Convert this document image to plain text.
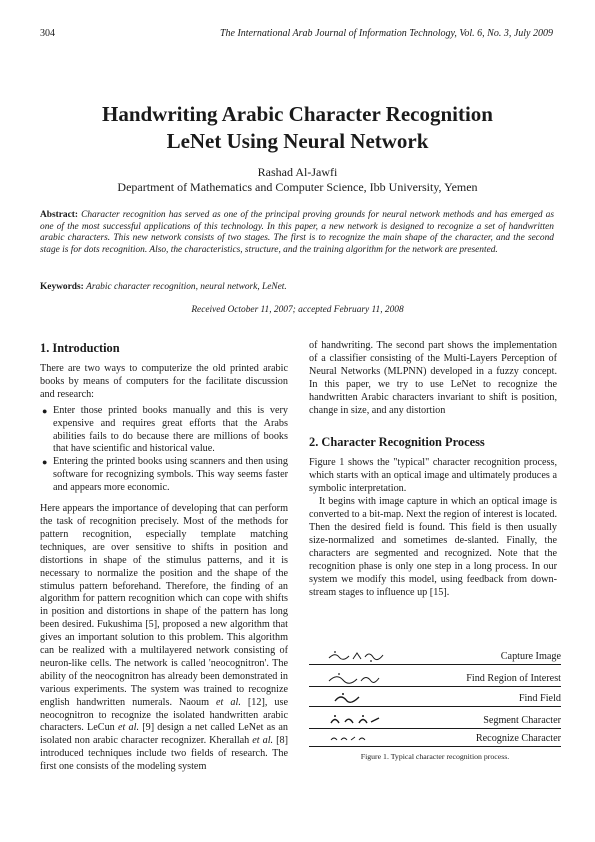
304	The International Arab Journal of Information Technology, Vol. 6, No. 3, July 2009
Handwriting Arabic Character Recognition
LeNet Using Neural Network
Rashad Al-Jawfi
Department of Mathematics and Computer Science, Ibb University, Yemen
Abstract: Character recognition has served as one of the principal proving grounds for neural network methods and has emerged as one of the most successful applications of this technology. In this paper, a new network is designed to recognize a set of handwritten arabic characters. This new network consists of two stages. The first is to recognize the main shape of the character, and the second stage is for dots recognition. Also, the characteristics, structure, and the training algorithm for the network are presented.
Keywords: Arabic character recognition, neural network, LeNet.
Received October 11, 2007; accepted February 11, 2008
1. Introduction

There are two ways to computerize the old printed arabic books by means of computers for the facilitate discussion and research:

● Enter those printed books manually and this is very expensive and requires great efforts that the Arabs abilities fails to do because there are millions of books that have scientific and historical value.
● Entering the printed books using scanners and then using software for recognizing symbols. This way seems faster and appears more economic.

Here appears the importance of developing that can perform the task of recognition precisely. Most of the methods for pattern recognition, especially template matching techniques, are over sensitive to shifts in position and distortions in shape of the stimulus patterns, and it is necessary to normalize the position and the shape of the stimulus pattern beforehand. Therefore, the finding of an algorithm for pattern recognition which can cope with shifts in position and distortions in shape of the pattern has long been desired. Fukushima [5], proposed a new algorithm that gives an important solution to this problem. This algorithm can be realized with a multilayered network consisting of neuron-like cells. The network is called 'neocognitron'. The ability of the neocognitron has already been demonstrated in various experiments. The system was trained to recognize english handwritten numerals. Naoum et al. [12], use neocognitron to recognize the isolated handwritten arabic characters. LeCun et al. [9] design a net called LeNet as an isolated non arabic character recognizer. Kherallah et al. [8] introduced techniques include two fields of research. The first one consists of the modeling system

of handwriting. The second part shows the implementation of a classifier consisting of the Multi-Layers Perception of Neural Networks (MLPNN) developed in a fuzzy concept. In this paper, we try to use LeNet to recognize the handwritten Arabic characters invariant to shift is position, change in size, and any distortion

2. Character Recognition Process

Figure 1 shows the "typical" character recognition process, which starts with an optical image and ultimately produces a symbolic interpretation.

It begins with image capture in which an optical image is converted to a bit-map. Next the region of interest is located. Then the desired field is found. This field is then usually size-normalized and sometimes de-slanted. Finally, the characters are segmented and recognized. Note that the recognition phase is only one step in a long process. In our system we modify this model, using feedback from down-stream stages to influence up [15].

Capture Image
Find Region of Interest
Find Field
Segment Character
Recognize Character
Figure 1. Typical character recognition process.
